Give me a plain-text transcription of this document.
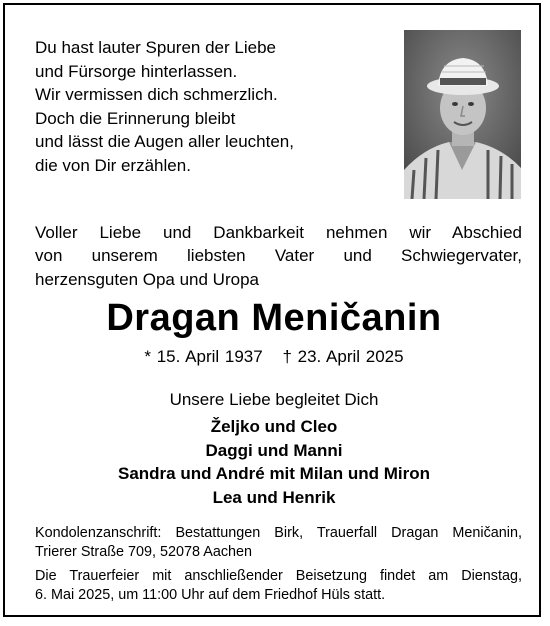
Du hast lauter Spuren der Liebe
und Fürsorge hinterlassen.
Wir vermissen dich schmerzlich.
Doch die Erinnerung bleibt
und lässt die Augen aller leuchten,
die von Dir erzählen.
Voller Liebe und Dankbarkeit nehmen wir Abschied
von unserem liebsten Vater und Schwiegervater,
herzensguten Opa und Uropa
Dragan Meničanin
* 15. April 1937 † 23. April 2025
Unsere Liebe begleitet Dich
Željko und Cleo
Daggi und Manni
Sandra und André mit Milan und Miron
Lea und Henrik
Kondolenzanschrift: Bestattungen Birk, Trauerfall Dragan Meničanin,
Trierer Straße 709, 52078 Aachen
Die Trauerfeier mit anschließender Beisetzung findet am Dienstag,
6. Mai 2025, um 11:00 Uhr auf dem Friedhof Hüls statt.
